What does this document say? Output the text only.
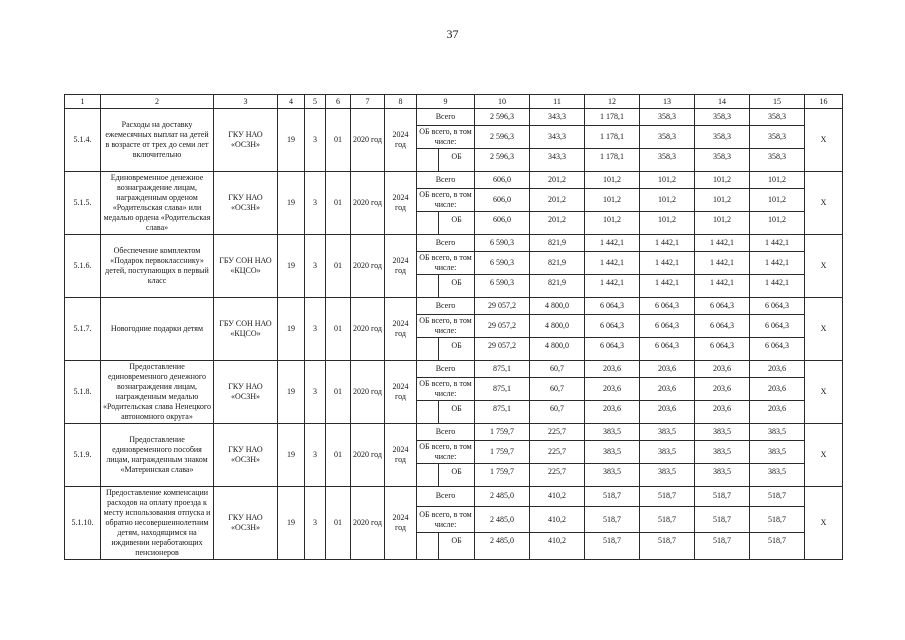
37
1	2	3	4	5	6	7	8	9		10	11	12	13	14	15	16
5.1.4.	Расходы на доставку ежемесячных выплат на детей в возрасте от трех до семи лет включительно	ГКУ НАО «ОСЗН»	19	3	01	2020 год	2024 год	Всего		2 596,3	343,3	1 178,1	358,3	358,3	358,3	X
								ОБ всего, в том числе:		2 596,3	343,3	1 178,1	358,3	358,3	358,3	
									ОБ	2 596,3	343,3	1 178,1	358,3	358,3	358,3	
5.1.5.	Единовременное денежное вознаграждение лицам, награжденным орденом «Родительская слава» или медалью ордена «Родительская слава»	ГКУ НАО «ОСЗН»	19	3	01	2020 год	2024 год	Всего		606,0	201,2	101,2	101,2	101,2	101,2	X
								ОБ всего, в том числе:		606,0	201,2	101,2	101,2	101,2	101,2	
									ОБ	606,0	201,2	101,2	101,2	101,2	101,2	
5.1.6.	Обеспечение комплектом «Подарок первокласснику» детей, поступающих в первый класс	ГБУ СОН НАО «КЦСО»	19	3	01	2020 год	2024 год	Всего		6 590,3	821,9	1 442,1	1 442,1	1 442,1	1 442,1	X
								ОБ всего, в том числе:		6 590,3	821,9	1 442,1	1 442,1	1 442,1	1 442,1	
									ОБ	6 590,3	821,9	1 442,1	1 442,1	1 442,1	1 442,1	
5.1.7.	Новогодние подарки детям	ГБУ СОН НАО «КЦСО»	19	3	01	2020 год	2024 год	Всего		29 057,2	4 800,0	6 064,3	6 064,3	6 064,3	6 064,3	X
								ОБ всего, в том числе:		29 057,2	4 800,0	6 064,3	6 064,3	6 064,3	6 064,3	
									ОБ	29 057,2	4 800,0	6 064,3	6 064,3	6 064,3	6 064,3	
5.1.8.	Предоставление единовременного денежного вознаграждения лицам, награжденным медалью «Родительская слава Ненецкого автономного округа»	ГКУ НАО «ОСЗН»	19	3	01	2020 год	2024 год	Всего		875,1	60,7	203,6	203,6	203,6	203,6	X
								ОБ всего, в том числе:		875,1	60,7	203,6	203,6	203,6	203,6	
									ОБ	875,1	60,7	203,6	203,6	203,6	203,6	
5.1.9.	Предоставление единовременного пособия лицам, награжденным знаком «Материнская слава»	ГКУ НАО «ОСЗН»	19	3	01	2020 год	2024 год	Всего		1 759,7	225,7	383,5	383,5	383,5	383,5	X
								ОБ всего, в том числе:		1 759,7	225,7	383,5	383,5	383,5	383,5	
									ОБ	1 759,7	225,7	383,5	383,5	383,5	383,5	
5.1.10.	Предоставление компенсации расходов на оплату проезда к месту использования отпуска и обратно несовершеннолетним детям, находящимся на иждивении неработающих пенсионеров	ГКУ НАО «ОСЗН»	19	3	01	2020 год	2024 год	Всего		2 485,0	410,2	518,7	518,7	518,7	518,7	X
								ОБ всего, в том числе:		2 485,0	410,2	518,7	518,7	518,7	518,7	
									ОБ	2 485,0	410,2	518,7	518,7	518,7	518,7	
